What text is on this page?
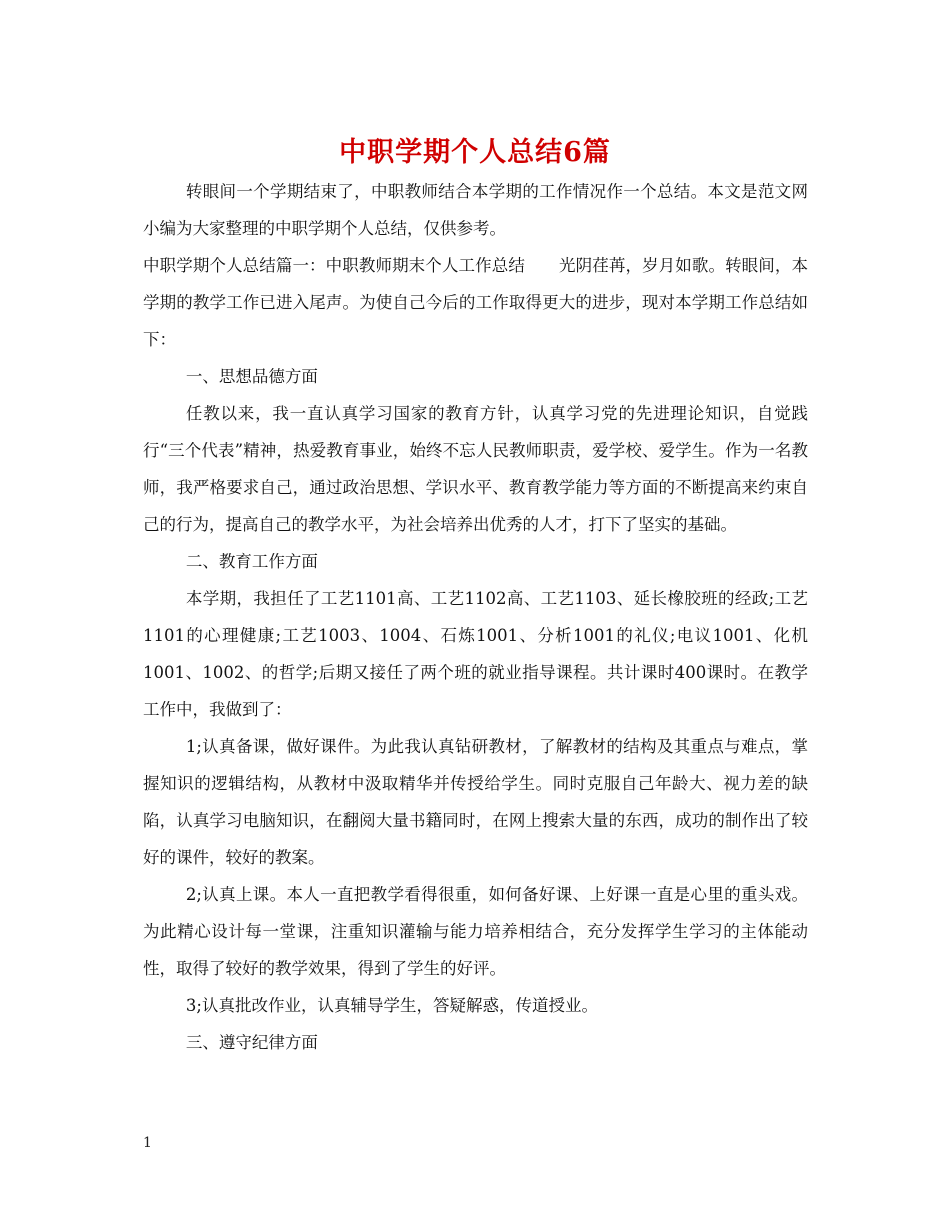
中职学期个人总结6篇

转眼间一个学期结束了，中职教师结合本学期的工作情况作一个总结。本文是范文网小编为大家整理的中职学期个人总结，仅供参考。

中职学期个人总结篇一：中职教师期末个人工作总结 光阴荏苒，岁月如歌。转眼间，本学期的教学工作已进入尾声。为使自己今后的工作取得更大的进步，现对本学期工作总结如下：

一、思想品德方面

任教以来，我一直认真学习国家的教育方针，认真学习党的先进理论知识，自觉践行“三个代表”精神，热爱教育事业，始终不忘人民教师职责，爱学校、爱学生。作为一名教师，我严格要求自己，通过政治思想、学识水平、教育教学能力等方面的不断提高来约束自己的行为，提高自己的教学水平，为社会培养出优秀的人才，打下了坚实的基础。

二、教育工作方面

本学期，我担任了工艺1101高、工艺1102高、工艺1103、延长橡胶班的经政;工艺1101的心理健康;工艺1003、1004、石炼1001、分析1001的礼仪;电议1001、化机1001、1002、的哲学;后期又接任了两个班的就业指导课程。共计课时400课时。在教学工作中，我做到了：

1;认真备课，做好课件。为此我认真钻研教材，了解教材的结构及其重点与难点，掌握知识的逻辑结构，从教材中汲取精华并传授给学生。同时克服自己年龄大、视力差的缺陷，认真学习电脑知识，在翻阅大量书籍同时，在网上搜索大量的东西，成功的制作出了较好的课件，较好的教案。

2;认真上课。本人一直把教学看得很重，如何备好课、上好课一直是心里的重头戏。为此精心设计每一堂课，注重知识灌输与能力培养相结合，充分发挥学生学习的主体能动性，取得了较好的教学效果，得到了学生的好评。

3;认真批改作业，认真辅导学生，答疑解惑，传道授业。

三、遵守纪律方面

1
